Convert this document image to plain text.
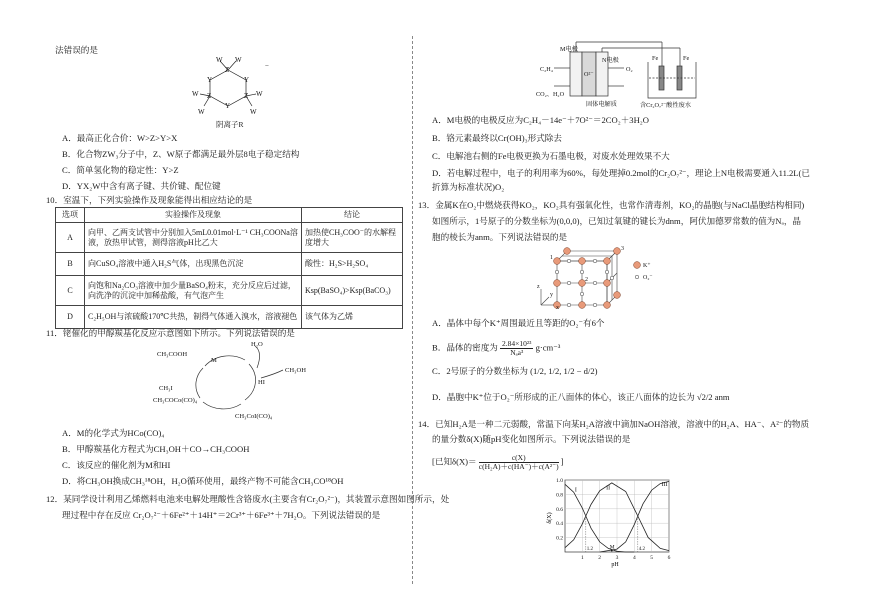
法错误的是
Z
Y
Z
Y
Z
Y
W W
W
W
W
W
−
阴离子R
A．最高正化合价：W>Z>Y>X
B．化合物ZW₃分子中，Z、W原子都满足最外层8电子稳定结构
C．简单氢化物的稳定性：Y>Z
D．YX₂W中含有离子键、共价键、配位键
10．室温下，下列实验操作及现象能得出相应结论的是
选项	实验操作及现象	结论
A	向甲、乙两支试管中分别加入5mL0.01mol·L⁻¹ CH₃COONa溶液，放热甲试管，测得溶液pH比乙大	加热使CH₃COO⁻的水解程度增大
B	向CuSO₄溶液中通入H₂S气体，出现黑色沉淀	酸性：H₂S>H₂SO₄
C	向饱和Na₂CO₃溶液中加少量BaSO₄粉末，充分反应后过滤，向洗净的沉淀中加稀盐酸，有气泡产生	Ksp(BaSO₄)>Ksp(BaCO₃)
D	C₂H₅OH与浓硫酸170℃共热，制得气体通入溴水，溶液褪色	该气体为乙烯
11．铑催化的甲醇羰基化反应示意图如下所示。下列说法错误的是
H₂O
CH₃COOH
M
HI
CH₃OH
CH₃I
CH₃COCo(CO)₄
CH₃CoI(CO)₄
A．M的化学式为HCo(CO)₄
B．甲醇羰基化方程式为CH₃OH＋CO→CH₃COOH
C．该反应的催化剂为M和HI
D．将CH₃OH换成CH₃¹⁸OH，H₂O循环使用，最终产物不可能含CH₃CO¹⁸OH
12．某同学设计利用乙烯燃料电池来电解处理酸性含铬废水(主要含有Cr₂O₇²⁻)，其装置示意图如图所示，处
理过程中存在反应 Cr₂O₇²⁻＋6Fe²⁺＋14H⁺＝2Cr³⁺＋6Fe³⁺＋7H₂O。下列说法错误的是
M电极
N电极
C₂H₄	O₂
CO₂、H₂O
O²⁻
固体电解质
Fe	Fe
含Cr₂O₇²⁻酸性废水
A．M电极的电极反应为C₂H₄－14e⁻＋7O²⁻＝2CO₂＋3H₂O
B．铬元素最终以Cr(OH)₃形式除去
C．电解池右侧的Fe电极更换为石墨电极，对废水处理效果不大
D．若电解过程中，电子的利用率为60%，每处理掉0.2mol的Cr₂O₇²⁻，理论上N电极需要通入11.2L(已
折算为标准状况)O₂
13．金属K在O₂中燃烧获得KO₂，KO₂具有强氧化性，也常作清毒剂，KO₂的晶胞(与NaCl晶胞结构相同)
如图所示，1号原子的分数坐标为(0,0,0)，已知过氧键的键长为dnm，阿伏加德罗常数的值为Nₐ，晶
胞的棱长为anm。下列说法错误的是
1
2
3
z
y
x
K⁺
O₂⁻
A．晶体中每个K⁺周围最近且等距的O₂⁻有6个
B．晶体的密度为 2.84×10²³
Nₐa³
g·cm⁻³
C．2号原子的分数坐标为 (1/2, 1/2, 1/2 − d/2)
D．晶胞中K⁺位于O₂⁻所形成的正八面体的体心，该正八面体的边长为 √2/2 anm
14．已知H₂A是一种二元弱酸，常温下向某H₂A溶液中滴加NaOH溶液，溶液中的H₂A、HA⁻、A²⁻的物质
的量分数δ(X)随pH变化如图所示。下列说法错误的是
[已知$\delta(X)= \frac{c(X)}{\text{c(H₂A)＋c(HA⁻)＋c(A²⁻)}}$ ]
I	II
III
1.2	4.2
M
1	2	3	4	5	6
0.2
0.4
0.6
0.8
1.0
pH
δ(X)
